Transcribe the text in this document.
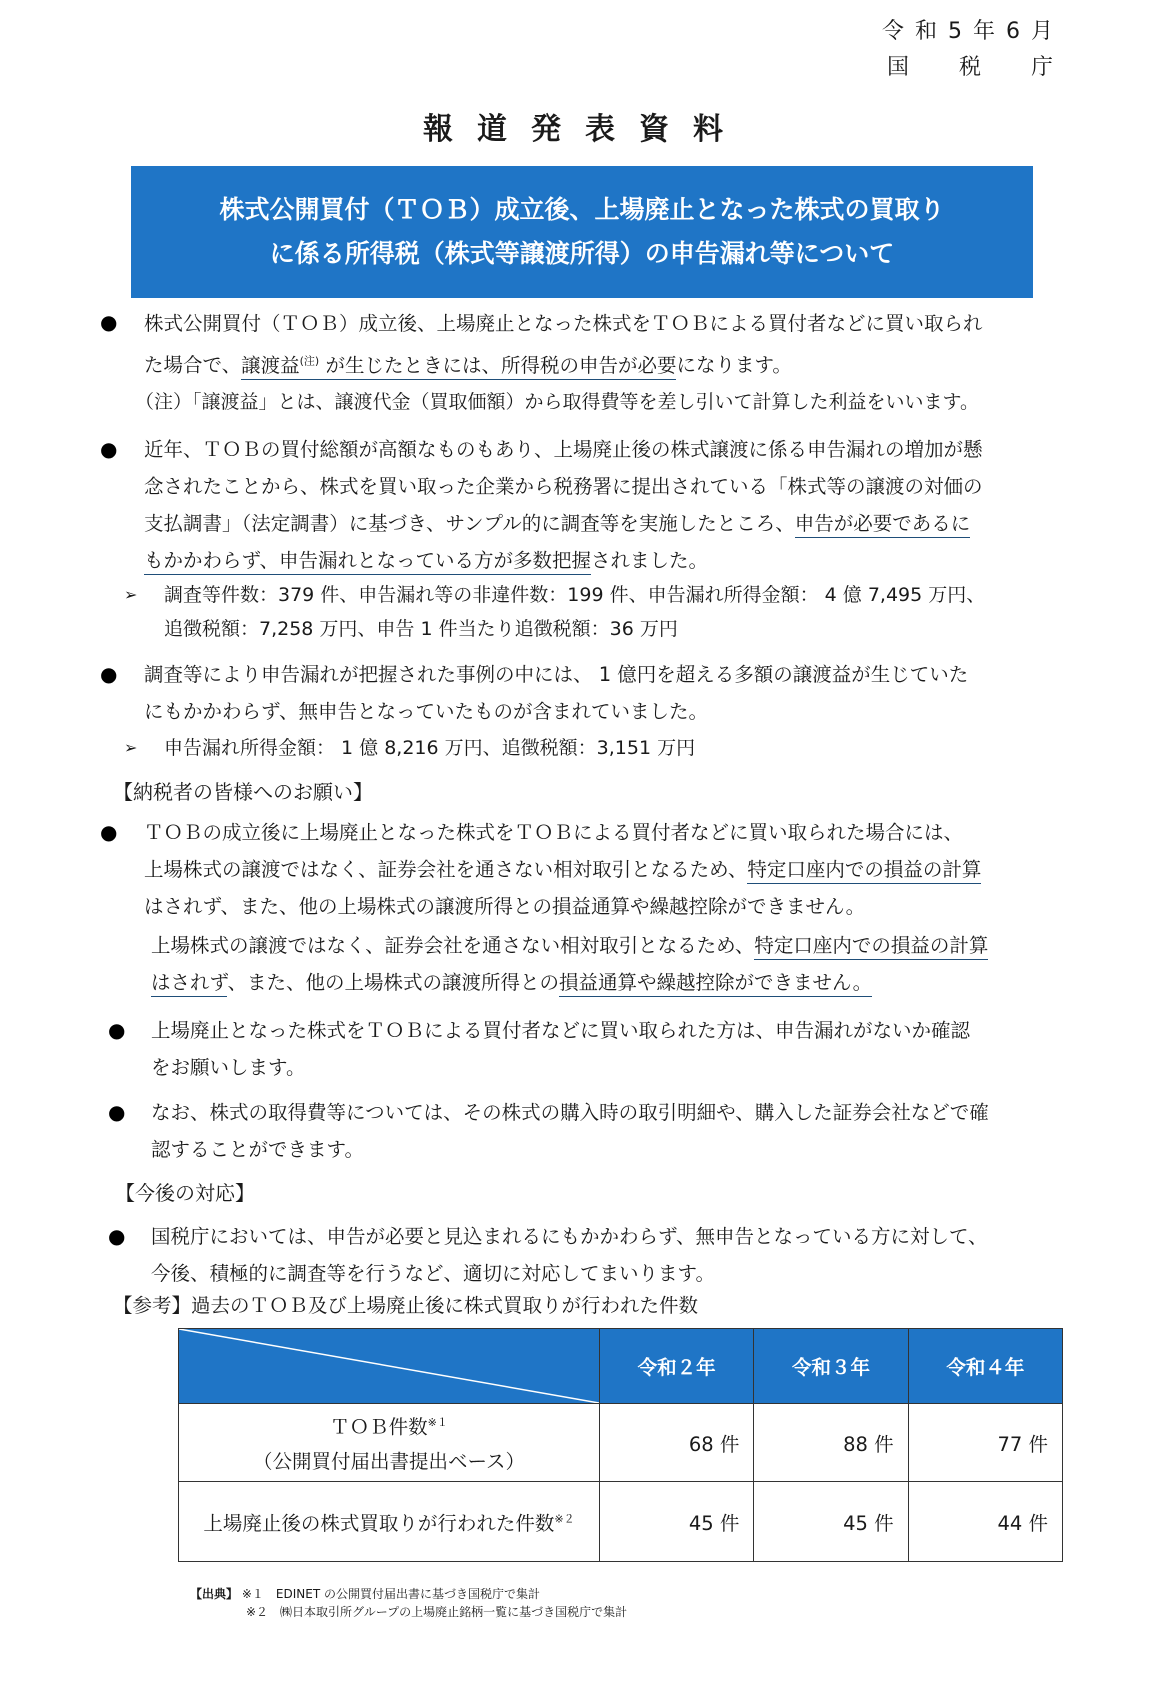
令 和 5 年 6 月
国　　税　　庁
報道発表資料
株式公開買付（ＴＯＢ）成立後、上場廃止となった株式の買取り
に係る所得税（株式等譲渡所得）の申告漏れ等について
● 株式公開買付（ＴＯＢ）成立後、上場廃止となった株式をＴＯＢによる買付者などに買い取られ
た場合で、譲渡益$^{(注)}$ が生じたときには、所得税の申告が必要になります。
（注）「譲渡益」とは、譲渡代金（買取価額）から取得費等を差し引いて計算した利益をいいます。
● 近年、ＴＯＢの買付総額が高額なものもあり、上場廃止後の株式譲渡に係る申告漏れの増加が懸
念されたことから、株式を買い取った企業から税務署に提出されている「株式等の譲渡の対価の
支払調書」（法定調書）に基づき、サンプル的に調査等を実施したところ、申告が必要であるに
もかかわらず、申告漏れとなっている方が多数把握されました。
➢ 調査等件数：379 件、申告漏れ等の非違件数：199 件、申告漏れ所得金額： 4 億 7,495 万円、
追徴税額：7,258 万円、申告 1 件当たり追徴税額：36 万円
● 調査等により申告漏れが把握された事例の中には、 1 億円を超える多額の譲渡益が生じていた
にもかかわらず、無申告となっていたものが含まれていました。
➢ 申告漏れ所得金額： 1 億 8,216 万円、追徴税額：3,151 万円
【納税者の皆様へのお願い】
● ＴＯＢの成立後に上場廃止となった株式をＴＯＢによる買付者などに買い取られた場合には、
上場株式の譲渡ではなく、証券会社を通さない相対取引となるため、特定口座内での損益の計算
はされず、また、他の上場株式の譲渡所得との損益通算や繰越控除ができません。
上場株式の譲渡ではなく、証券会社を通さない相対取引となるため、特定口座内での損益の計算
はされず、また、他の上場株式の譲渡所得との損益通算や繰越控除ができません。
● 上場廃止となった株式をＴＯＢによる買付者などに買い取られた方は、申告漏れがないか確認
をお願いします。
● なお、株式の取得費等については、その株式の購入時の取引明細や、購入した証券会社などで確
認することができます。
【今後の対応】
● 国税庁においては、申告が必要と見込まれるにもかかわらず、無申告となっている方に対して、
今後、積極的に調査等を行うなど、適切に対応してまいります。
【参考】過去のＴＯＢ及び上場廃止後に株式買取りが行われた件数
	令和２年	令和３年	令和４年

ＴＯＢ件数$^{※1}$
（公開買付届出書提出ベース）	68 件	88 件	77 件
上場廃止後の株式買取りが行われた件数$^{※2}$	45 件	45 件	44 件
【出典】 ※１　EDINET の公開買付届出書に基づき国税庁で集計
※２　㈱日本取引所グループの上場廃止銘柄一覧に基づき国税庁で集計
